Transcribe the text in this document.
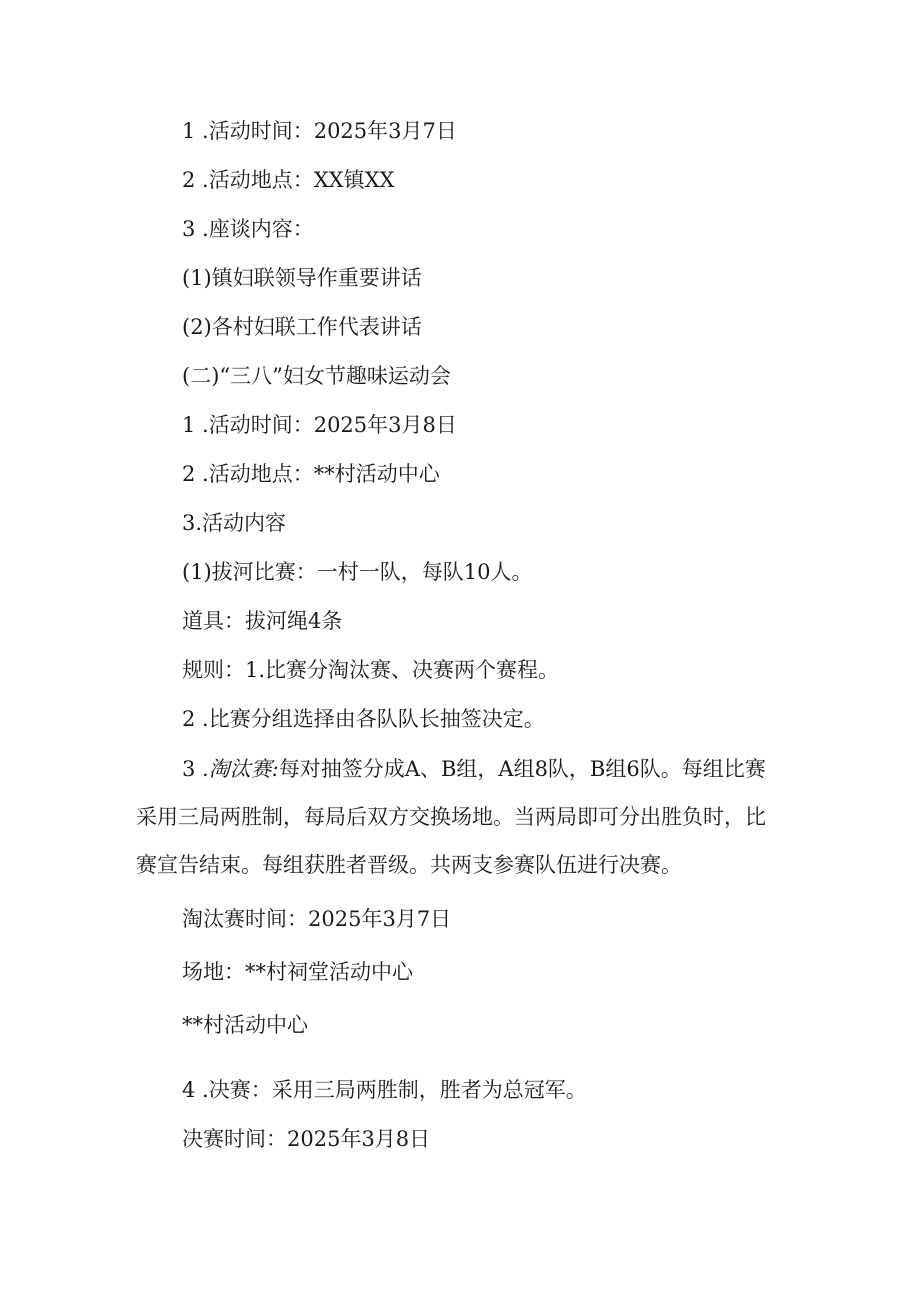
1 .活动时间：2025年3月7日
2 .活动地点：XX镇XX
3 .座谈内容：
(1)镇妇联领导作重要讲话
(2)各村妇联工作代表讲话
(二)“三八”妇女节趣味运动会
1 .活动时间：2025年3月8日
2 .活动地点：**村活动中心
3.活动内容
(1)拔河比赛：一村一队，每队10人。
道具：拔河绳4条
规则：1.比赛分淘汰赛、决赛两个赛程。
2 .比赛分组选择由各队队长抽签决定。
3 .淘汰赛:每对抽签分成A、B组，A组8队，B组6队。每组比赛
采用三局两胜制，每局后双方交换场地。当两局即可分出胜负时，比
赛宣告结束。每组获胜者晋级。共两支参赛队伍进行决赛。
淘汰赛时间：2025年3月7日
场地：**村祠堂活动中心
**村活动中心
4 .决赛：采用三局两胜制，胜者为总冠军。
决赛时间：2025年3月8日
